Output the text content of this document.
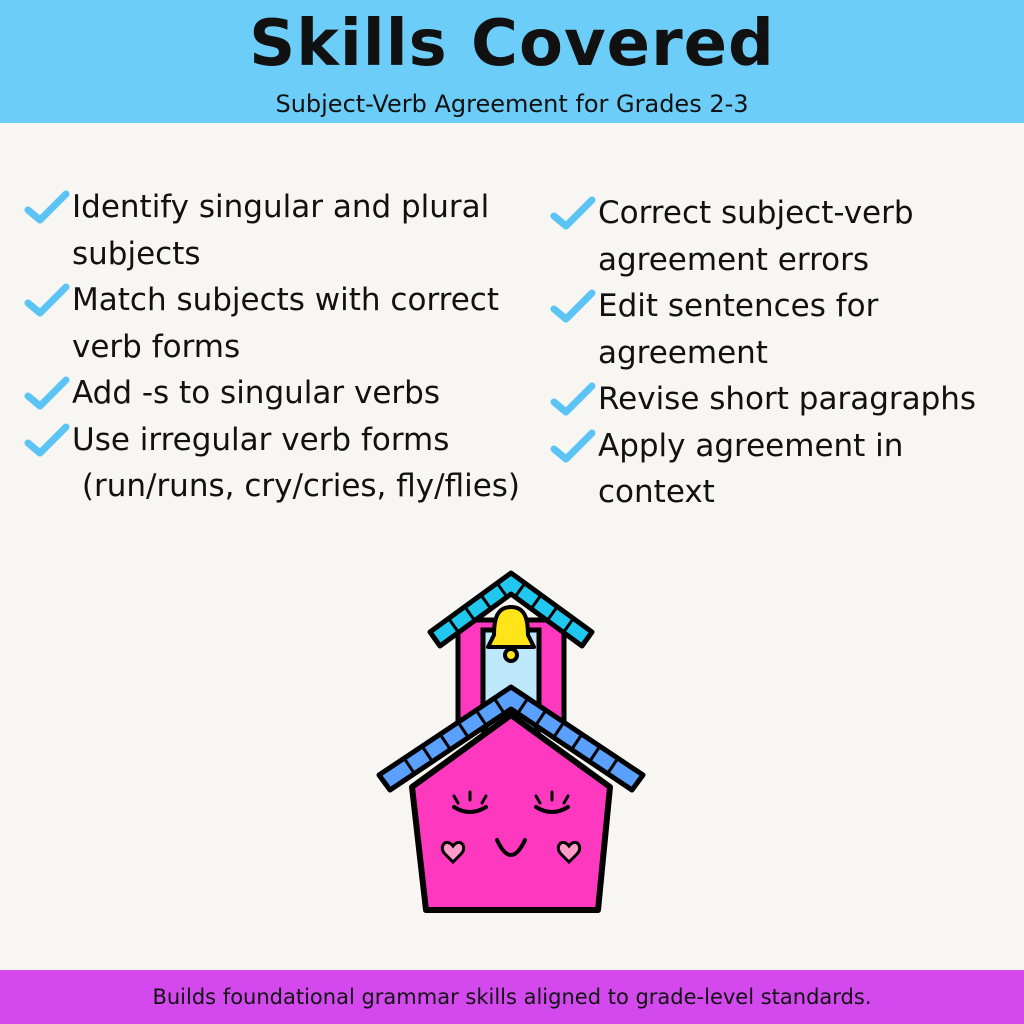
Skills Covered
Subject-Verb Agreement for Grades 2-3
Identify singular and plural
subjects
Match subjects with correct
verb forms
Add -s to singular verbs
Use irregular verb forms
(run/runs, cry/cries, fly/flies)
Correct subject-verb
agreement errors
Edit sentences for
agreement
Revise short paragraphs
Apply agreement in
context
Builds foundational grammar skills aligned to grade-level standards.
